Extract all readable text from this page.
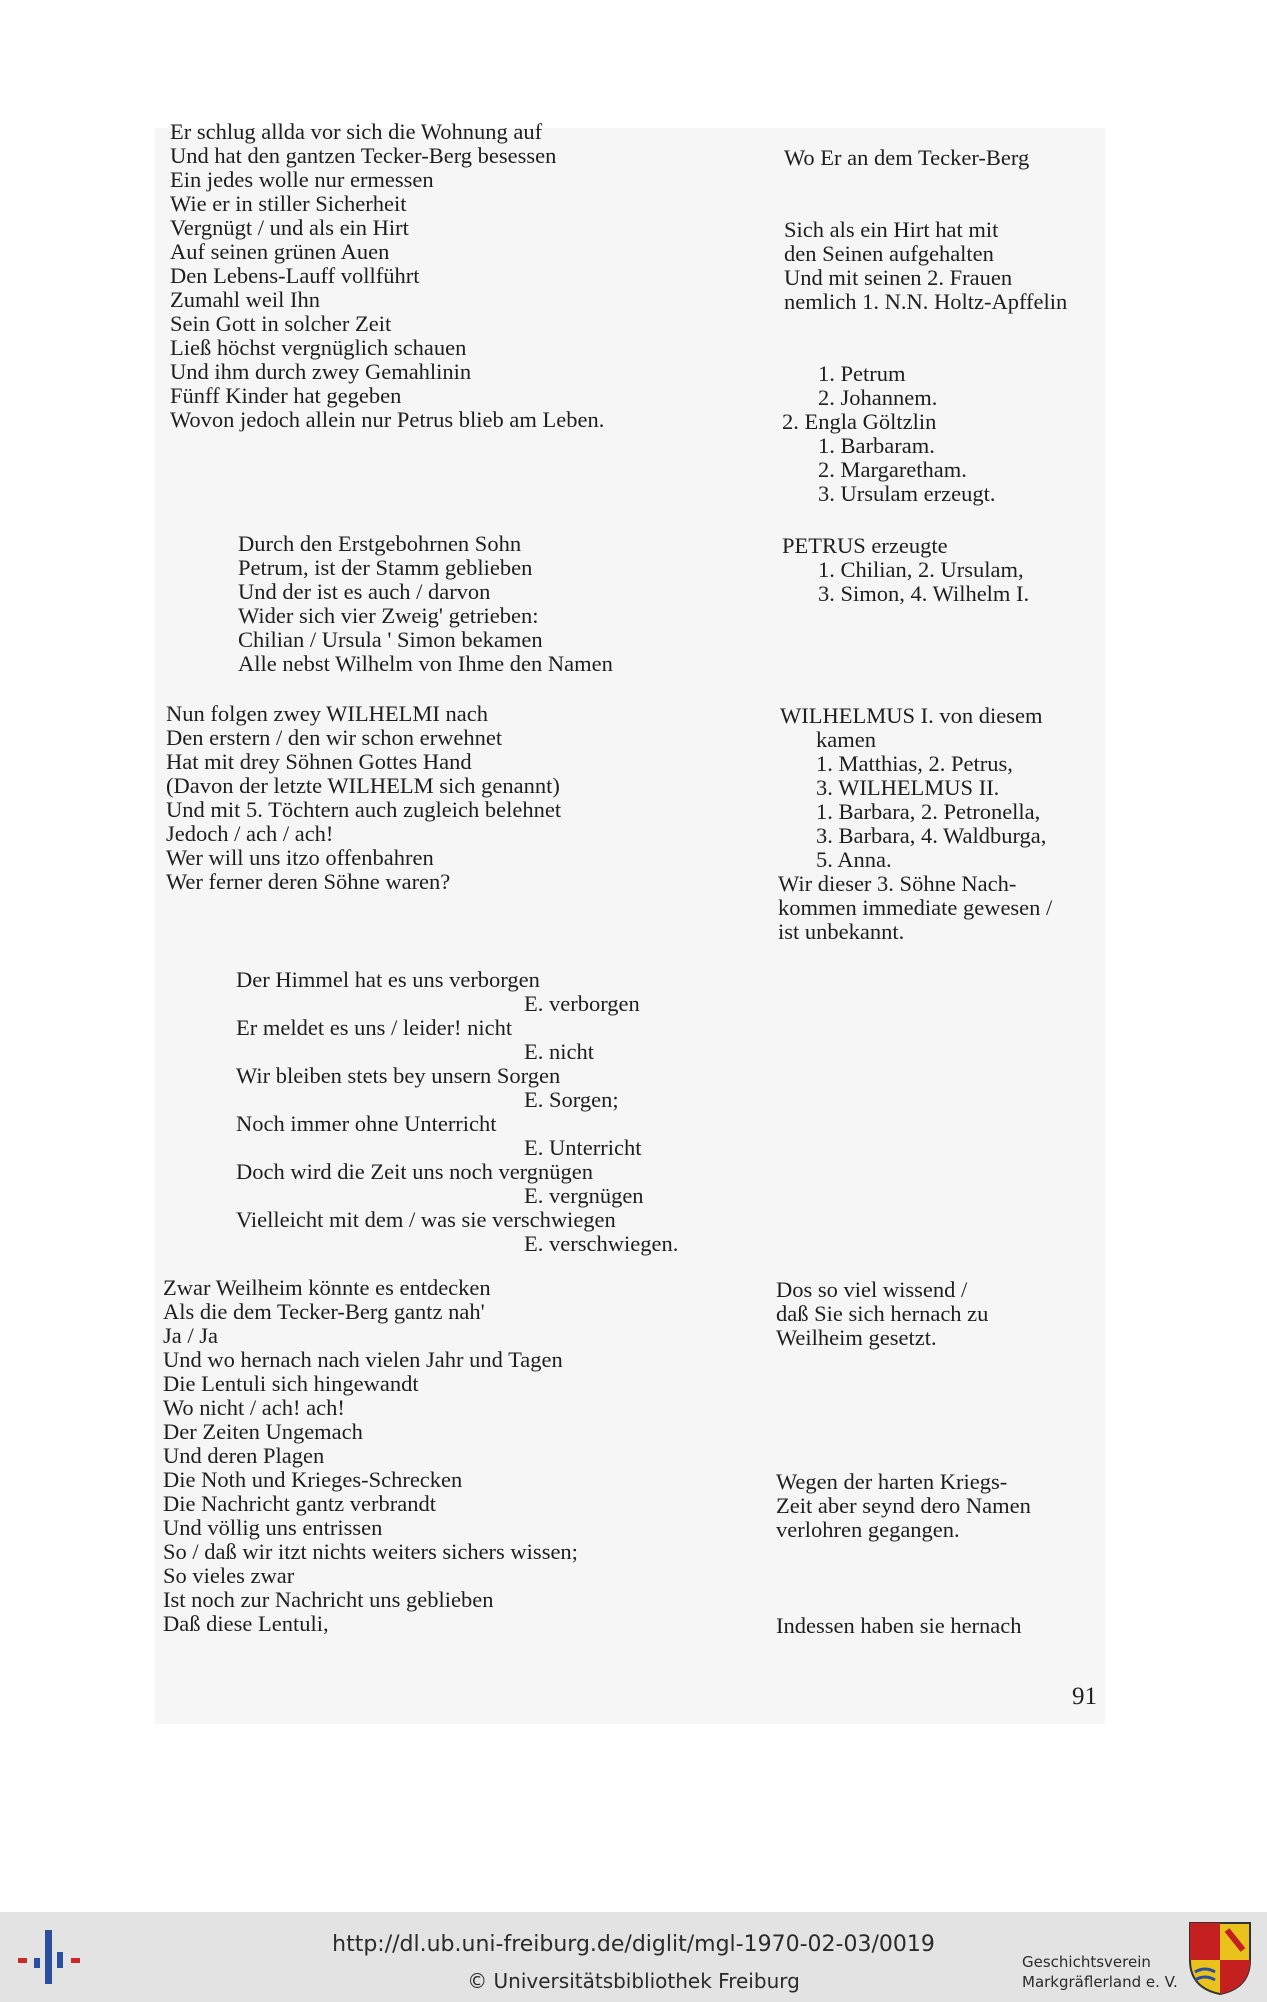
Er schlug allda vor sich die Wohnung auf
Und hat den gantzen Tecker-Berg besessen	Wo Er an dem Tecker-Berg
Ein jedes wolle nur ermessen
Wie er in stiller Sicherheit
Vergnügt / und als ein Hirt	Sich als ein Hirt hat mit
Auf seinen grünen Auen	den Seinen aufgehalten
Den Lebens-Lauff vollführt	Und mit seinen 2. Frauen
Zumahl weil Ihn	nemlich 1. N.N. Holtz-Apffelin
Sein Gott in solcher Zeit
Ließ höchst vergnüglich schauen
Und ihm durch zwey Gemahlinin	1. Petrum
Fünff Kinder hat gegeben	2. Johannem.
Wovon jedoch allein nur Petrus blieb am Leben.	2. Engla Göltzlin
1. Barbaram.
2. Margaretham.
3. Ursulam erzeugt.
Durch den Erstgebohrnen Sohn	PETRUS erzeugte
Petrum, ist der Stamm geblieben	1. Chilian, 2. Ursulam,
Und der ist es auch / darvon	3. Simon, 4. Wilhelm I.
Wider sich vier Zweig' getrieben:
Chilian / Ursula ' Simon bekamen
Alle nebst Wilhelm von Ihme den Namen
Nun folgen zwey WILHELMI nach	WILHELMUS I. von diesem
Den erstern / den wir schon erwehnet	kamen
Hat mit drey Söhnen Gottes Hand	1. Matthias, 2. Petrus,
(Davon der letzte WILHELM sich genannt)	3. WILHELMUS II.
Und mit 5. Töchtern auch zugleich belehnet	1. Barbara, 2. Petronella,
Jedoch / ach / ach!	3. Barbara, 4. Waldburga,
Wer will uns itzo offenbahren	5. Anna.
Wer ferner deren Söhne waren?	Wir dieser 3. Söhne Nach-
kommen immediate gewesen /
ist unbekannt.
Der Himmel hat es uns verborgen
E. verborgen
Er meldet es uns / leider! nicht
E. nicht
Wir bleiben stets bey unsern Sorgen
E. Sorgen;
Noch immer ohne Unterricht
E. Unterricht
Doch wird die Zeit uns noch vergnügen
E. vergnügen
Vielleicht mit dem / was sie verschwiegen
E. verschwiegen.
Zwar Weilheim könnte es entdecken	Dos so viel wissend /
Als die dem Tecker-Berg gantz nah'	daß Sie sich hernach zu
Ja / Ja	Weilheim gesetzt.
Und wo hernach nach vielen Jahr und Tagen
Die Lentuli sich hingewandt
Wo nicht / ach! ach!
Der Zeiten Ungemach
Und deren Plagen
Die Noth und Krieges-Schrecken	Wegen der harten Kriegs-
Die Nachricht gantz verbrandt	Zeit aber seynd dero Namen
Und völlig uns entrissen	verlohren gegangen.
So / daß wir itzt nichts weiters sichers wissen;
So vieles zwar
Ist noch zur Nachricht uns geblieben
Daß diese Lentuli,	Indessen haben sie hernach
91
http://dl.ub.uni-freiburg.de/diglit/mgl-1970-02-03/0019
© Universitätsbibliothek Freiburg
Geschichtsverein
Markgräflerland e. V.
